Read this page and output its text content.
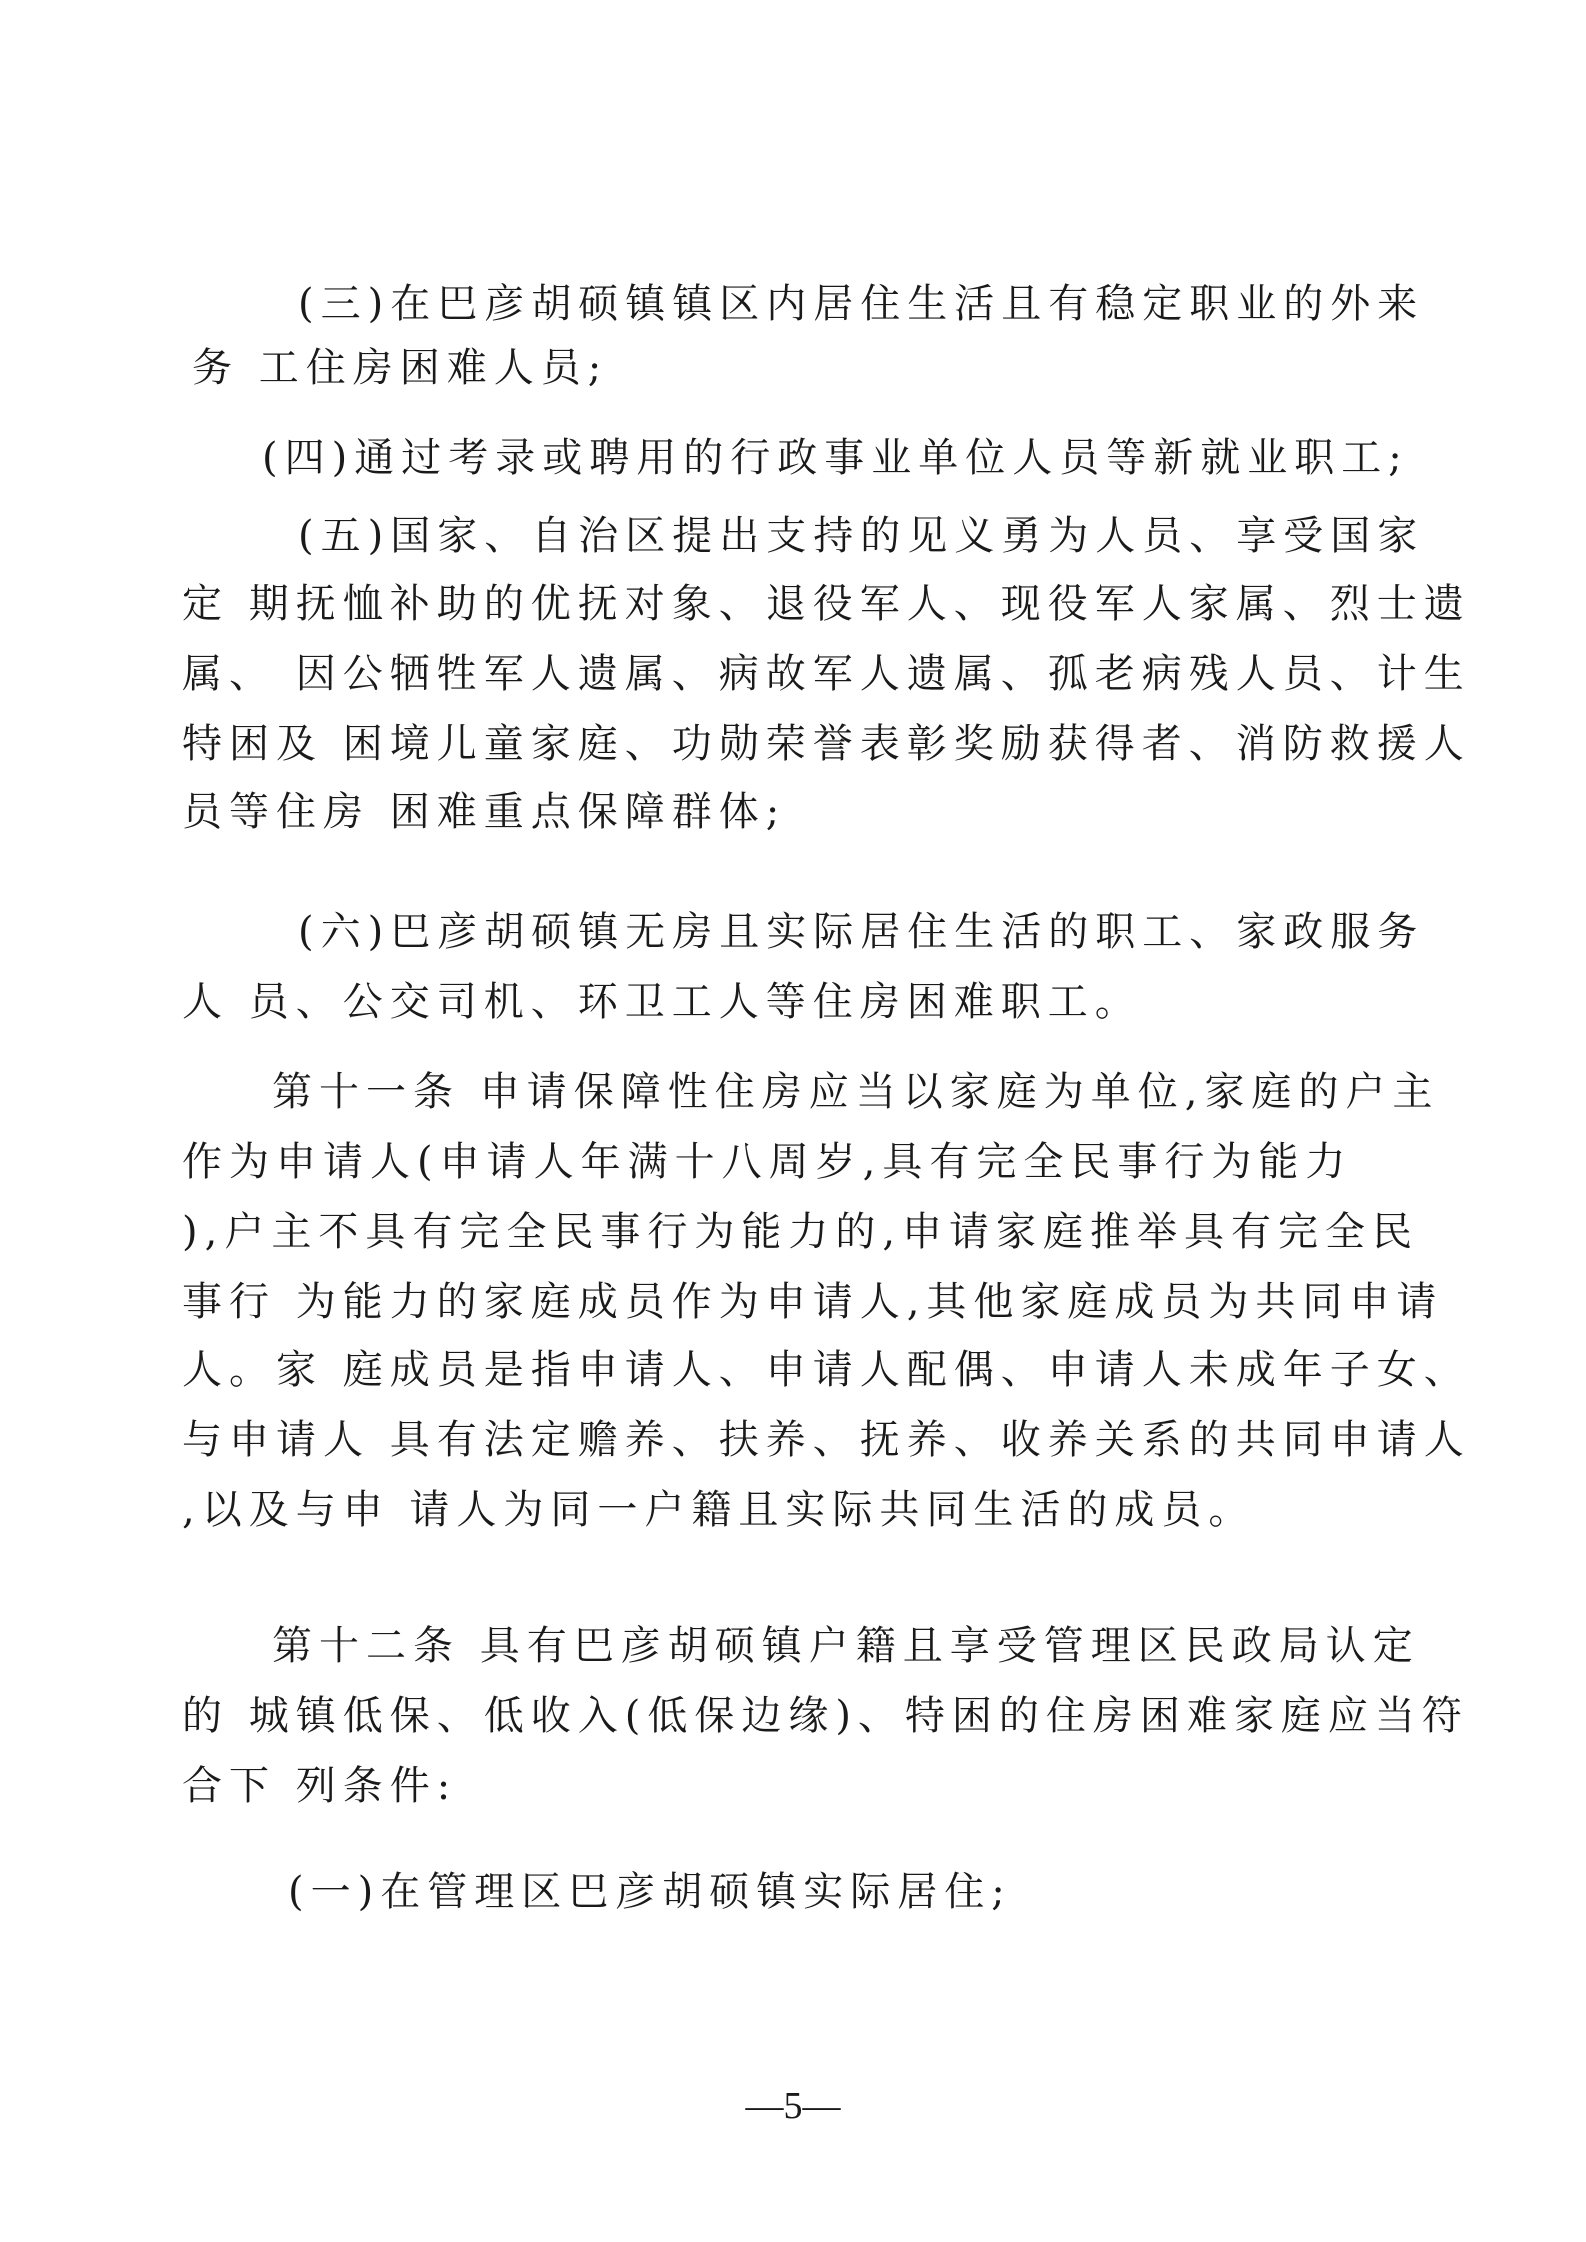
(三)在巴彦胡硕镇镇区内居住生活且有稳定职业的外来
务 工住房困难人员;
(四)通过考录或聘用的行政事业单位人员等新就业职工;
(五)国家、自治区提出支持的见义勇为人员、享受国家
定 期抚恤补助的优抚对象、退役军人、现役军人家属、烈士遗
属、 因公牺牲军人遗属、病故军人遗属、孤老病残人员、计生
特困及 困境儿童家庭、功勋荣誉表彰奖励获得者、消防救援人
员等住房 困难重点保障群体;
(六)巴彦胡硕镇无房且实际居住生活的职工、家政服务
人 员、公交司机、环卫工人等住房困难职工。
第十一条 申请保障性住房应当以家庭为单位,家庭的户主
作为申请人(申请人年满十八周岁,具有完全民事行为能力
),户主不具有完全民事行为能力的,申请家庭推举具有完全民
事行 为能力的家庭成员作为申请人,其他家庭成员为共同申请
人。家 庭成员是指申请人、申请人配偶、申请人未成年子女、
与申请人 具有法定赡养、扶养、抚养、收养关系的共同申请人
,以及与申 请人为同一户籍且实际共同生活的成员。
第十二条 具有巴彦胡硕镇户籍且享受管理区民政局认定
的 城镇低保、低收入(低保边缘)、特困的住房困难家庭应当符
合下 列条件:
(一)在管理区巴彦胡硕镇实际居住;
—5—
